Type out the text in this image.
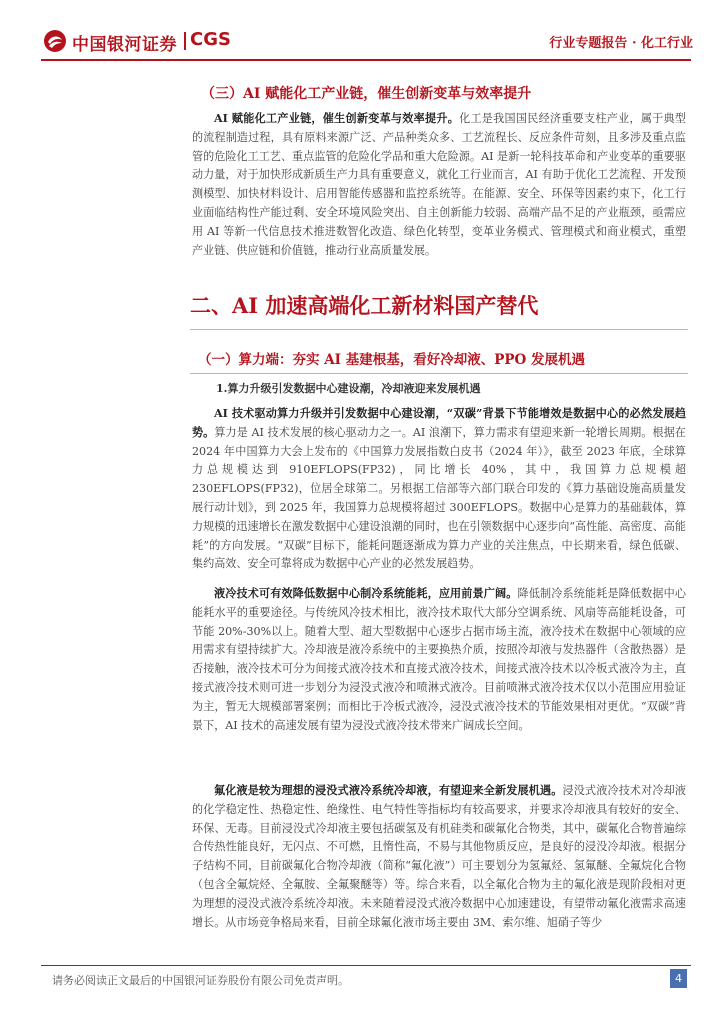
中国银河证券 CGS	行业专题报告 · 化工行业
（三）AI 赋能化工产业链，催生创新变革与效率提升

AI 赋能化工产业链，催生创新变革与效率提升。化工是我国国民经济重要支柱产业，属于典型的流程制造过程，具有原料来源广泛、产品种类众多、工艺流程长、反应条件苛刻，且多涉及重点监管的危险化工工艺、重点监管的危险化学品和重大危险源。AI 是新一轮科技革命和产业变革的重要驱动力量，对于加快形成新质生产力具有重要意义，就化工行业而言，AI 有助于优化工艺流程、开发预测模型、加快材料设计、启用智能传感器和监控系统等。在能源、安全、环保等因素约束下，化工行业面临结构性产能过剩、安全环境风险突出、自主创新能力较弱、高端产品不足的产业瓶颈，亟需应用 AI 等新一代信息技术推进数智化改造、绿色化转型，变革业务模式、管理模式和商业模式，重塑产业链、供应链和价值链，推动行业高质量发展。

二、AI 加速高端化工新材料国产替代
（一）算力端：夯实 AI 基建根基，看好冷却液、PPO 发展机遇
1.算力升级引发数据中心建设潮，冷却液迎来发展机遇

AI 技术驱动算力升级并引发数据中心建设潮，“双碳”背景下节能增效是数据中心的必然发展趋势。算力是 AI 技术发展的核心驱动力之一。AI 浪潮下，算力需求有望迎来新一轮增长周期。根据在 2024 年中国算力大会上发布的《中国算力发展指数白皮书（2024 年）》，截至 2023 年底，全球算力总规模达到 910EFLOPS(FP32)，同比增长 40%，其中，我国算力总规模超 230EFLOPS(FP32)，位居全球第二。另根据工信部等六部门联合印发的《算力基础设施高质量发展行动计划》，到 2025 年，我国算力总规模将超过 300EFLOPS。数据中心是算力的基础载体，算力规模的迅速增长在激发数据中心建设浪潮的同时，也在引领数据中心逐步向“高性能、高密度、高能耗”的方向发展。“双碳”目标下，能耗问题逐渐成为算力产业的关注焦点，中长期来看，绿色低碳、集约高效、安全可靠将成为数据中心产业的必然发展趋势。

液冷技术可有效降低数据中心制冷系统能耗，应用前景广阔。降低制冷系统能耗是降低数据中心能耗水平的重要途径。与传统风冷技术相比，液冷技术取代大部分空调系统、风扇等高能耗设备，可节能 20%-30%以上。随着大型、超大型数据中心逐步占据市场主流，液冷技术在数据中心领域的应用需求有望持续扩大。冷却液是液冷系统中的主要换热介质，按照冷却液与发热器件（含散热器）是否接触，液冷技术可分为间接式液冷技术和直接式液冷技术，间接式液冷技术以冷板式液冷为主，直接式液冷技术则可进一步划分为浸没式液冷和喷淋式液冷。目前喷淋式液冷技术仅以小范围应用验证为主，暂无大规模部署案例；而相比于冷板式液冷，浸没式液冷技术的节能效果相对更优。“双碳”背景下，AI 技术的高速发展有望为浸没式液冷技术带来广阔成长空间。

氟化液是较为理想的浸没式液冷系统冷却液，有望迎来全新发展机遇。浸没式液冷技术对冷却液的化学稳定性、热稳定性、绝缘性、电气特性等指标均有较高要求，并要求冷却液具有较好的安全、环保、无毒。目前浸没式冷却液主要包括碳氢及有机硅类和碳氟化合物类，其中，碳氟化合物普遍综合传热性能良好，无闪点、不可燃，且惰性高，不易与其他物质反应，是良好的浸没冷却液。根据分子结构不同，目前碳氟化合物冷却液（简称“氟化液”）可主要划分为氢氟烃、氢氟醚、全氟烷化合物（包含全氟烷烃、全氟胺、全氟聚醚等）等。综合来看，以全氟化合物为主的氟化液是现阶段相对更为理想的浸没式液冷系统冷却液。未来随着浸没式液冷数据中心加速建设，有望带动氟化液需求高速增长。从市场竞争格局来看，目前全球氟化液市场主要由 3M、索尔维、旭硝子等少

请务必阅读正文最后的中国银河证券股份有限公司免责声明。	4
